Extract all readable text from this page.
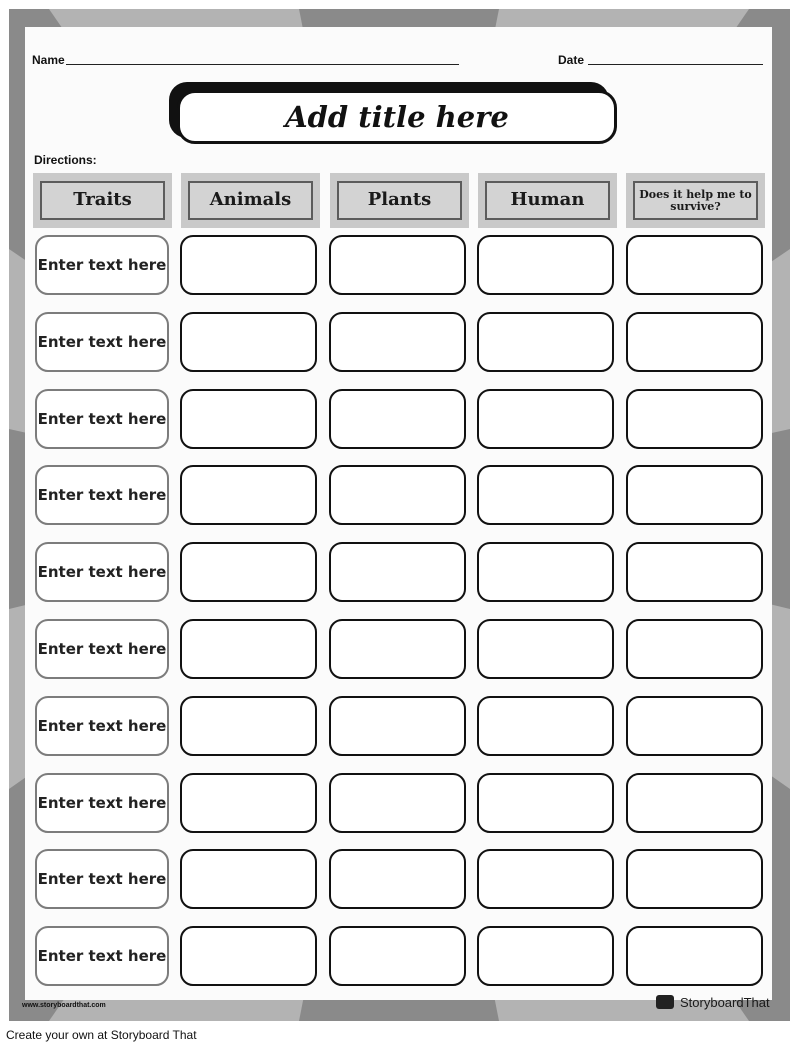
Name	Date
Add title here
Directions:
Traits	Animals	Plants	Human	Does it help me to survive?
Enter text here
Enter text here
Enter text here
Enter text here
Enter text here
Enter text here
Enter text here
Enter text here
Enter text here
Enter text here
www.storyboardthat.com	StoryboardThat
Create your own at Storyboard That
